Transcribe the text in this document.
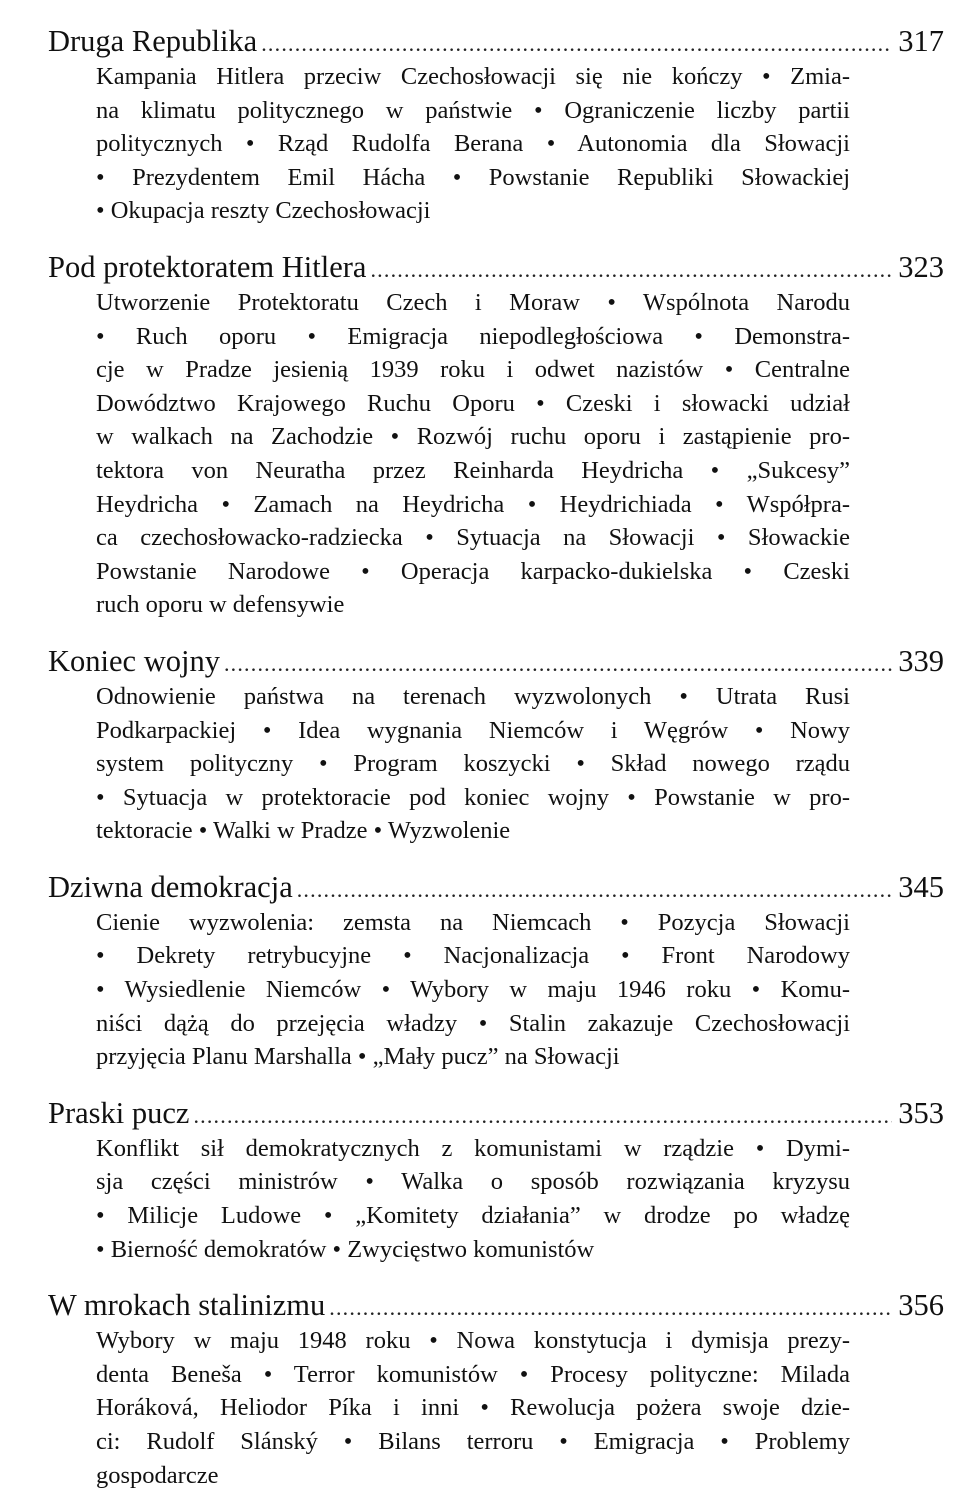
Druga Republika .....	317
Kampania Hitlera przeciw Czechosłowacji się nie kończy • Zmia-
na klimatu politycznego w państwie • Ograniczenie liczby partii
politycznych • Rząd Rudolfa Berana • Autonomia dla Słowacji
• Prezydentem Emil Hácha • Powstanie Republiki Słowackiej
• Okupacja reszty Czechosłowacji
Pod protektoratem Hitlera .....	323
Utworzenie Protektoratu Czech i Moraw • Wspólnota Narodu
• Ruch oporu • Emigracja niepodległościowa • Demonstra-
cje w Pradze jesienią 1939 roku i odwet nazistów • Centralne
Dowództwo Krajowego Ruchu Oporu • Czeski i słowacki udział
w walkach na Zachodzie • Rozwój ruchu oporu i zastąpienie pro-
tektora von Neuratha przez Reinharda Heydricha • „Sukcesy”
Heydricha • Zamach na Heydricha • Heydrichiada • Współpra-
ca czechosłowacko-radziecka • Sytuacja na Słowacji • Słowackie
Powstanie Narodowe • Operacja karpacko-dukielska • Czeski
ruch oporu w defensywie
Koniec wojny .....	339
Odnowienie państwa na terenach wyzwolonych • Utrata Rusi
Podkarpackiej • Idea wygnania Niemców i Węgrów • Nowy
system polityczny • Program koszycki • Skład nowego rządu
• Sytuacja w protektoracie pod koniec wojny • Powstanie w pro-
tektoracie • Walki w Pradze • Wyzwolenie
Dziwna demokracja .....	345
Cienie wyzwolenia: zemsta na Niemcach • Pozycja Słowacji
• Dekrety retrybucyjne • Nacjonalizacja • Front Narodowy
• Wysiedlenie Niemców • Wybory w maju 1946 roku • Komu-
niści dążą do przejęcia władzy • Stalin zakazuje Czechosłowacji
przyjęcia Planu Marshalla • „Mały pucz” na Słowacji
Praski pucz .....	353
Konflikt sił demokratycznych z komunistami w rządzie • Dymi-
sja części ministrów • Walka o sposób rozwiązania kryzysu
• Milicje Ludowe • „Komitety działania” w drodze po władzę
• Bierność demokratów • Zwycięstwo komunistów
W mrokach stalinizmu .....	356
Wybory w maju 1948 roku • Nowa konstytucja i dymisja prezy-
denta Beneša • Terror komunistów • Procesy polityczne: Milada
Horáková, Heliodor Píka i inni • Rewolucja pożera swoje dzie-
ci: Rudolf Slánský • Bilans terroru • Emigracja • Problemy
gospodarcze
